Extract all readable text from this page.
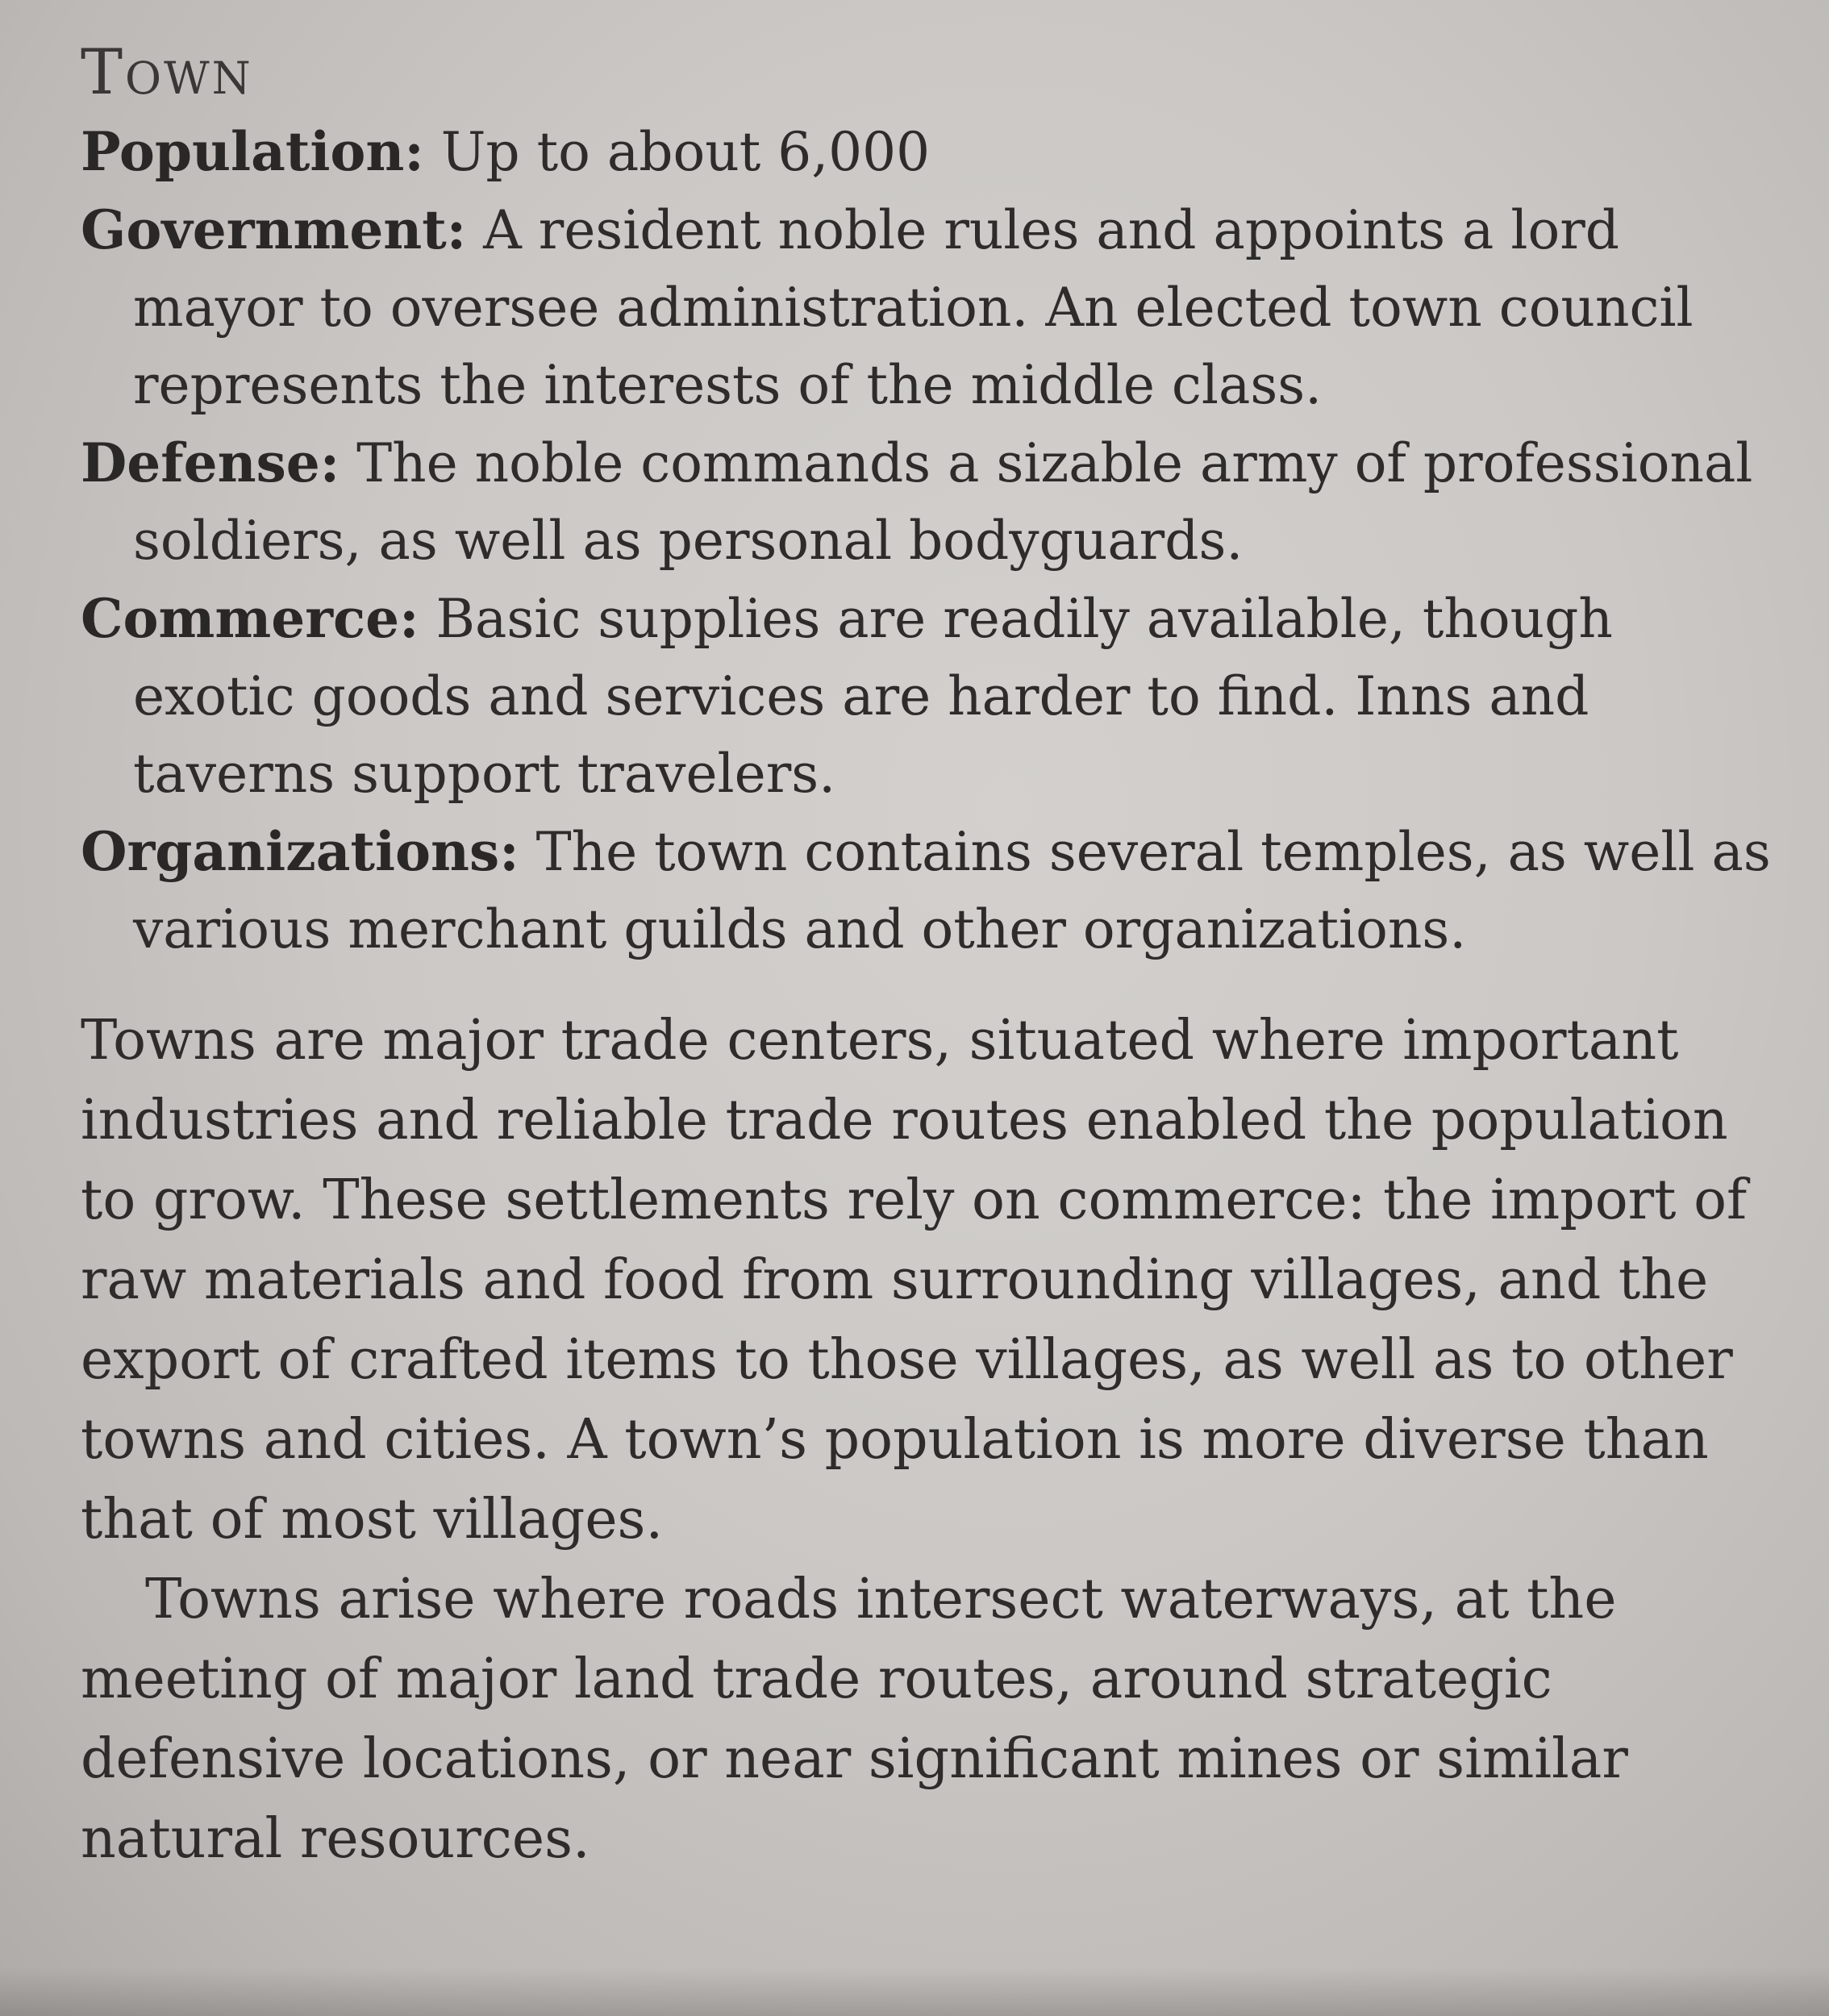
Town

Population: Up to about 6,000

Government: A resident noble rules and appoints a lord mayor to oversee administration. An elected town council represents the interests of the middle class.

Defense: The noble commands a sizable army of professional soldiers, as well as personal bodyguards.

Commerce: Basic supplies are readily available, though exotic goods and services are harder to find. Inns and taverns support travelers.

Organizations: The town contains several temples, as well as various merchant guilds and other organizations.

Towns are major trade centers, situated where important industries and reliable trade routes enabled the population to grow. These settlements rely on commerce: the import of raw materials and food from surrounding villages, and the export of crafted items to those villages, as well as to other towns and cities. A town’s population is more diverse than that of most villages.

Towns arise where roads intersect waterways, at the meeting of major land trade routes, around strategic defensive locations, or near significant mines or similar natural resources.
